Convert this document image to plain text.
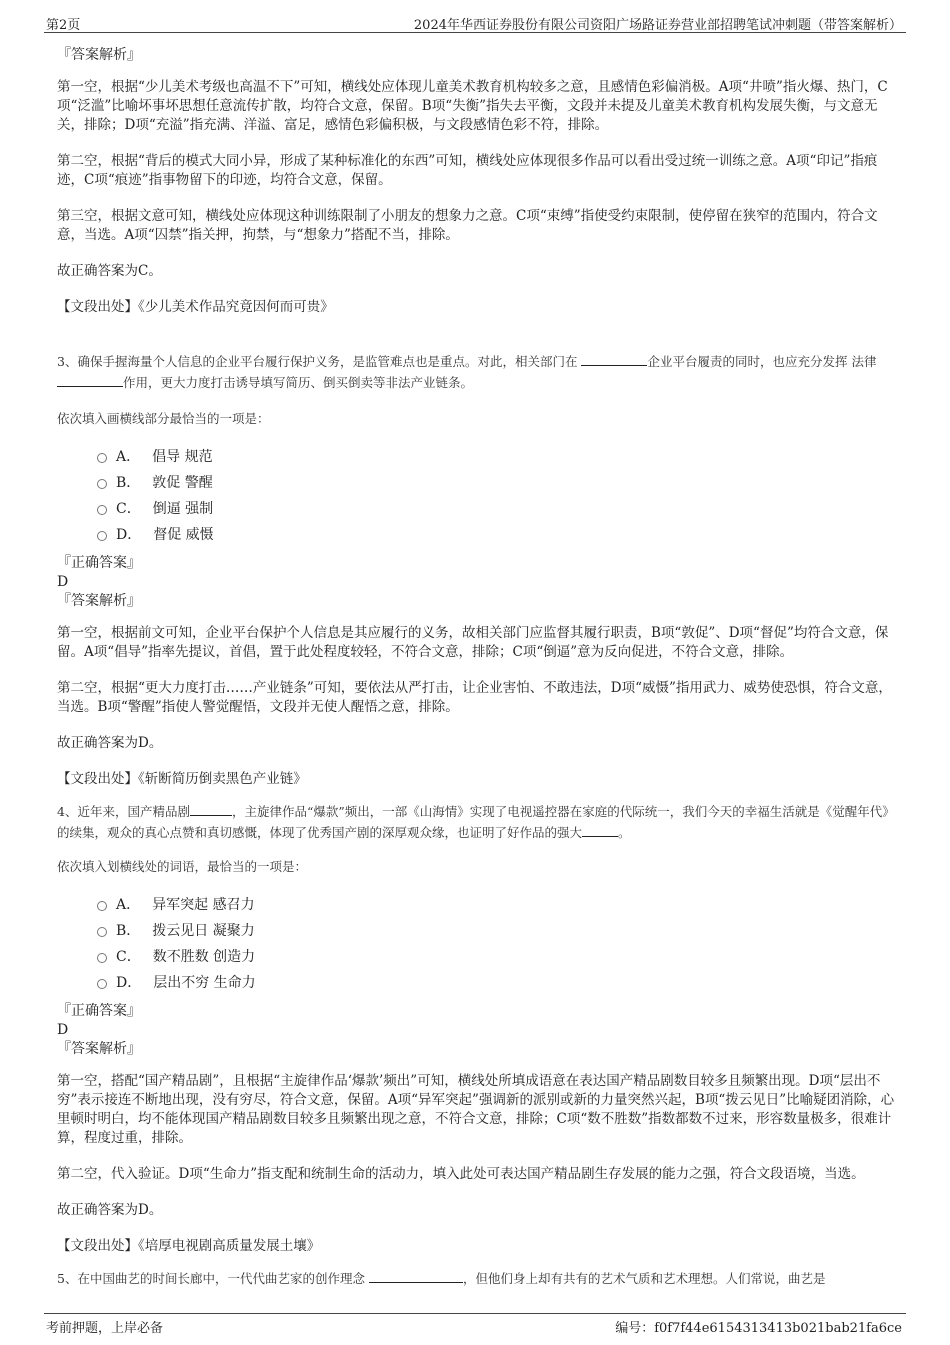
第2页	2024年华西证券股份有限公司资阳广场路证券营业部招聘笔试冲刺题（带答案解析）
『答案解析』

第一空，根据“少儿美术考级也高温不下”可知，横线处应体现儿童美术教育机构较多之意，且感情色彩偏消极。A项“井喷”指火爆、热门，C项“泛滥”比喻坏事坏思想任意流传扩散，均符合文意，保留。B项“失衡”指失去平衡，文段并未提及儿童美术教育机构发展失衡，与文意无关，排除；D项“充溢”指充满、洋溢、富足，感情色彩偏积极，与文段感情色彩不符，排除。

第二空，根据“背后的模式大同小异，形成了某种标准化的东西”可知，横线处应体现很多作品可以看出受过统一训练之意。A项“印记”指痕迹，C项“痕迹”指事物留下的印迹，均符合文意，保留。

第三空，根据文意可知，横线处应体现这种训练限制了小朋友的想象力之意。C项“束缚”指使受约束限制，使停留在狭窄的范围内，符合文意，当选。A项“囚禁”指关押，拘禁，与“想象力”搭配不当，排除。

故正确答案为C。

【文段出处】《少儿美术作品究竟因何而可贵》

3、确保手握海量个人信息的企业平台履行保护义务，是监管难点也是重点。对此，相关部门在	企业平台履责的同时，也应充分发挥 法律 作用，更大力度打击诱导填写简历、倒买倒卖等非法产业链条。

依次填入画横线部分最恰当的一项是：

A． 倡导 规范
B． 敦促 警醒
C． 倒逼 强制
D． 督促 威慑
『正确答案』

D

『答案解析』

第一空，根据前文可知，企业平台保护个人信息是其应履行的义务，故相关部门应监督其履行职责，B项“敦促”、D项“督促”均符合文意，保留。A项“倡导”指率先提议，首倡，置于此处程度较轻，不符合文意，排除；C项“倒逼”意为反向促进，不符合文意，排除。

第二空，根据“更大力度打击……产业链条”可知，要依法从严打击，让企业害怕、不敢违法，D项“威慑”指用武力、威势使恐惧，符合文意，当选。B项“警醒”指使人警觉醒悟，文段并无使人醒悟之意，排除。

故正确答案为D。

【文段出处】《斩断简历倒卖黑色产业链》

4、近年来，国产精品剧	，主旋律作品“爆款”频出，一部《山海情》实现了电视遥控器在家庭的代际统一，我们今天的幸福生活就是《觉醒年代》的续集，观众的真心点赞和真切感慨，体现了优秀国产剧的深厚观众缘，也证明了好作品的强大	。

依次填入划横线处的词语，最恰当的一项是：

A． 异军突起 感召力
B． 拨云见日 凝聚力
C． 数不胜数 创造力
D． 层出不穷 生命力
『正确答案』

D

『答案解析』

第一空，搭配“国产精品剧”，且根据“主旋律作品‘爆款’频出”可知，横线处所填成语意在表达国产精品剧数目较多且频繁出现。D项“层出不穷”表示接连不断地出现，没有穷尽，符合文意，保留。A项“异军突起”强调新的派别或新的力量突然兴起，B项“拨云见日”比喻疑团消除，心里顿时明白，均不能体现国产精品剧数目较多且频繁出现之意，不符合文意，排除；C项“数不胜数”指数都数不过来，形容数量极多，很难计算，程度过重，排除。

第二空，代入验证。D项“生命力”指支配和统制生命的活动力，填入此处可表达国产精品剧生存发展的能力之强，符合文段语境，当选。

故正确答案为D。

【文段出处】《培厚电视剧高质量发展土壤》

5、在中国曲艺的时间长廊中，一代代曲艺家的创作理念	，但他们身上却有共有的艺术气质和艺术理想。人们常说，曲艺是

考前押题，上岸必备	编号：f0f7f44e6154313413b021bab21fa6ce
